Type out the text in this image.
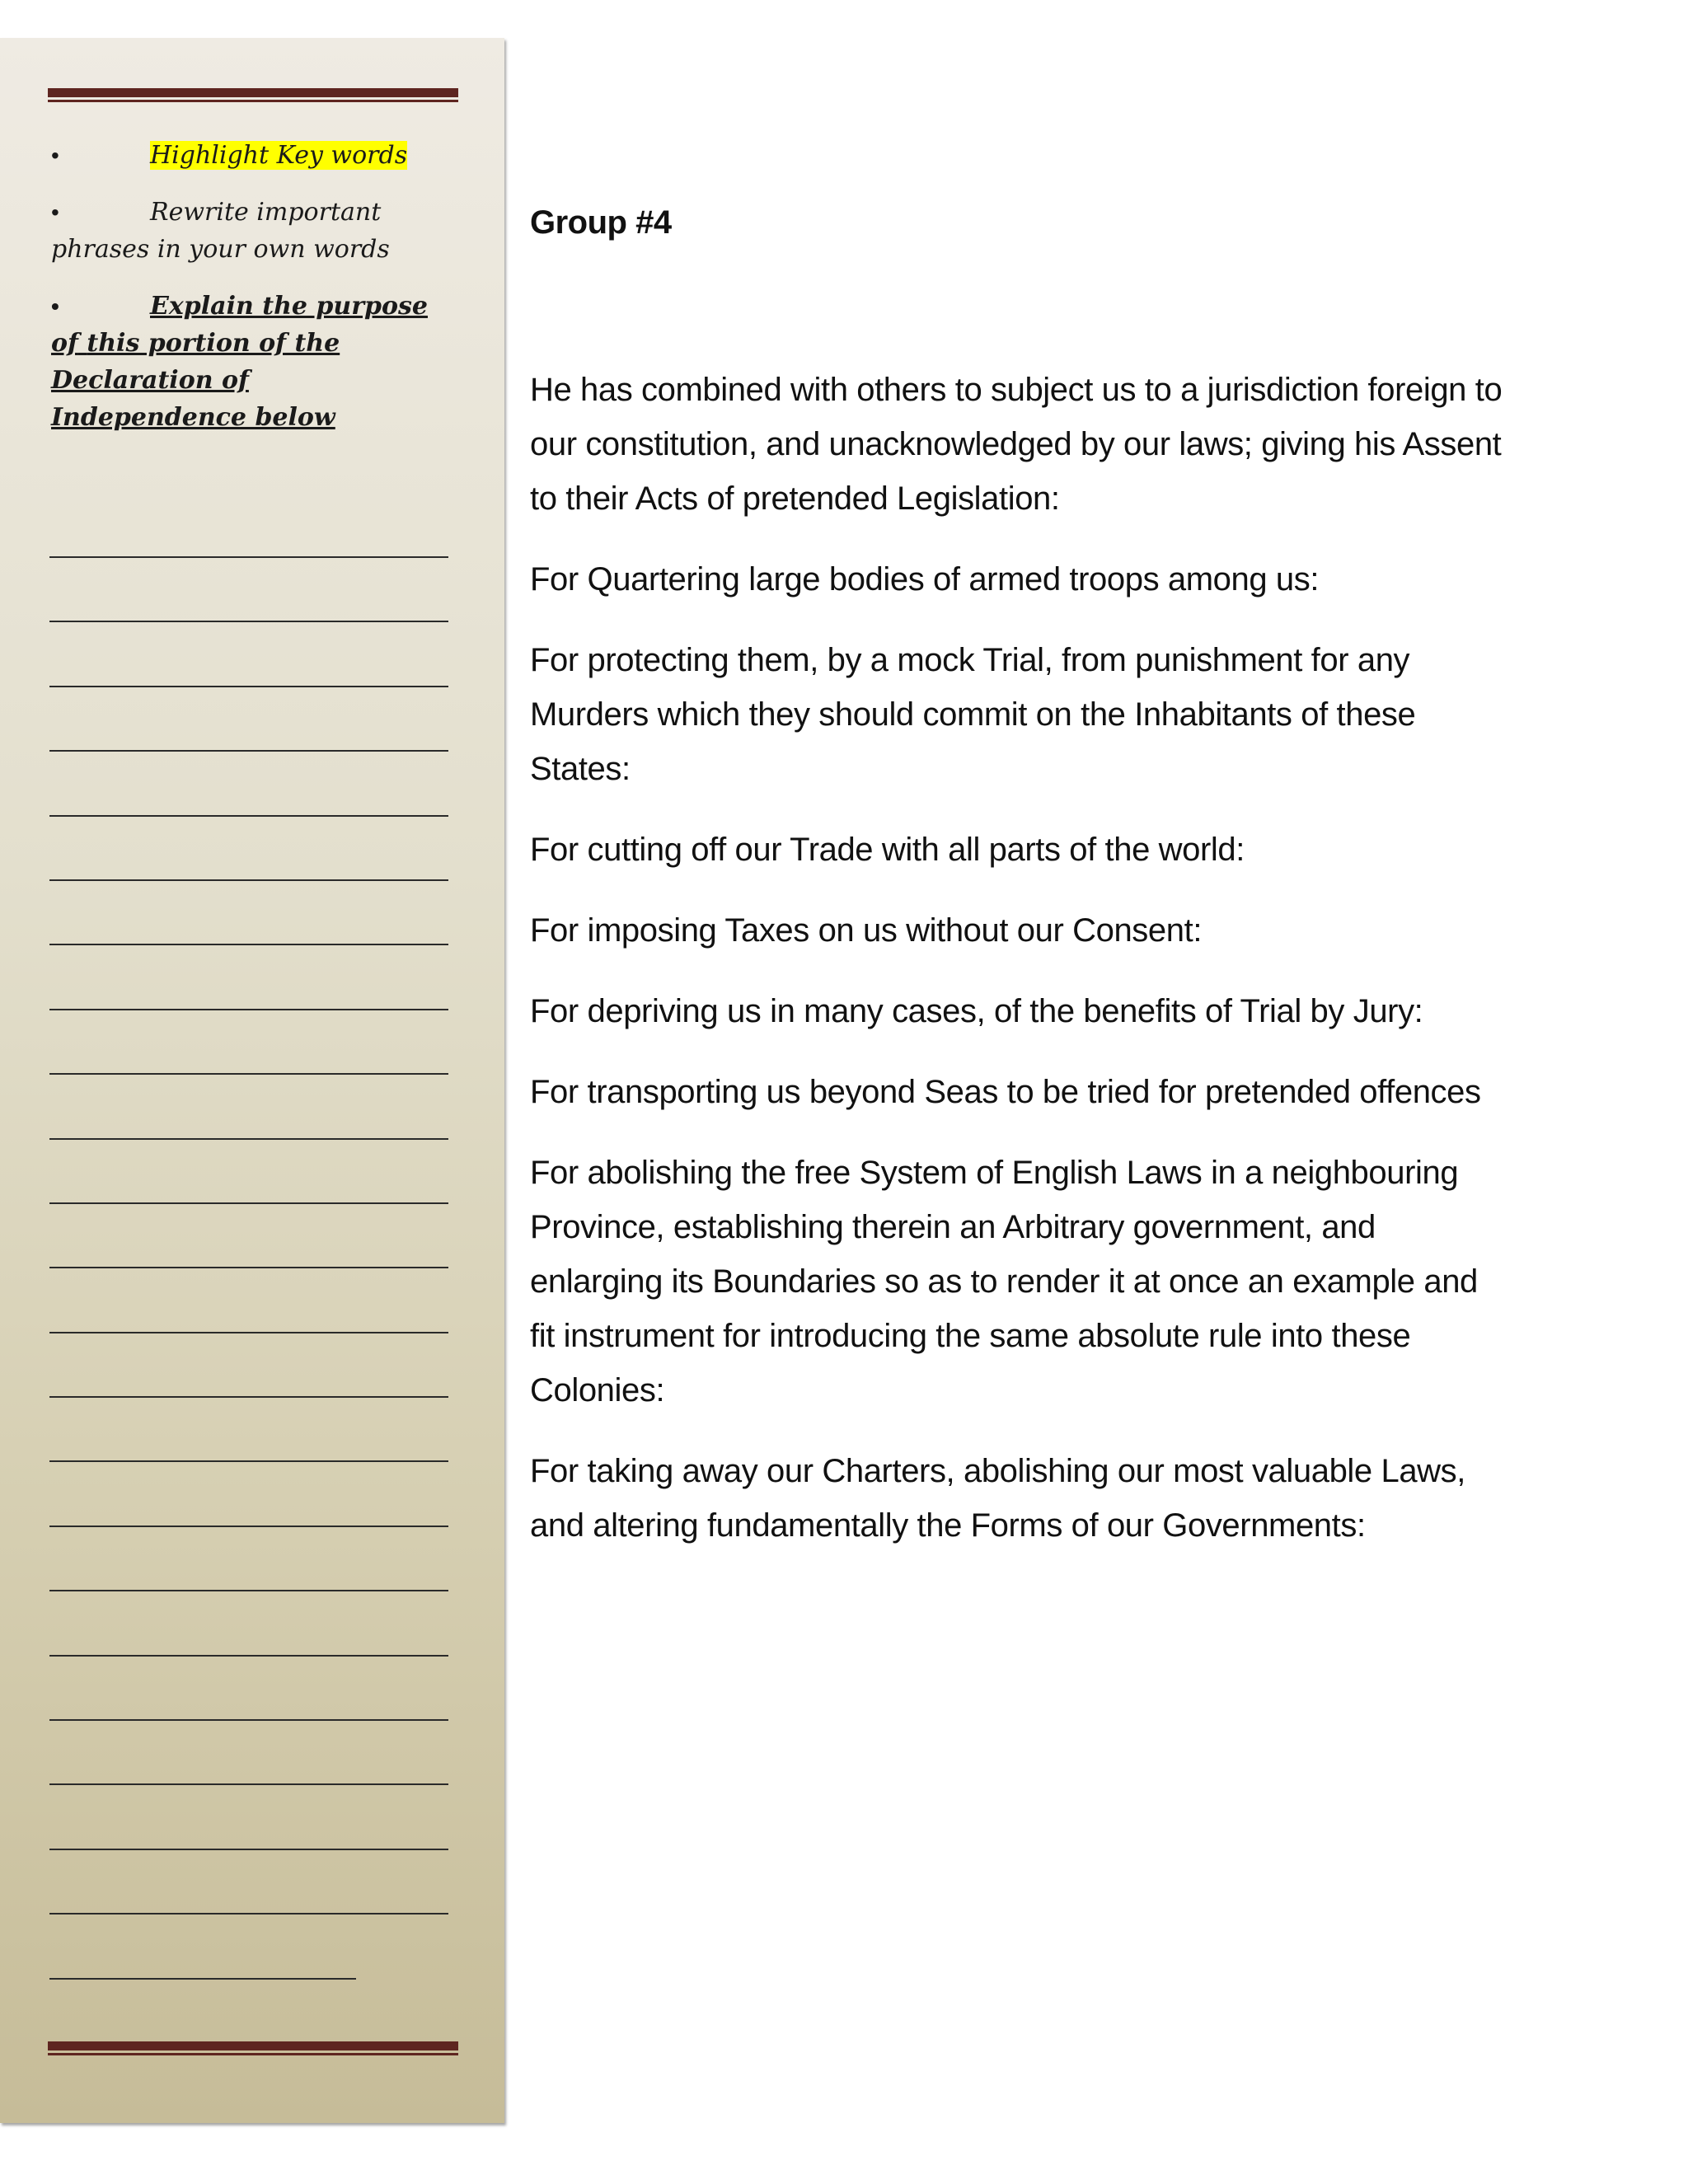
•	Highlight Key words
•	Rewrite important phrases in your own words
•	Explain the purpose of this portion of the Declaration of Independence below
Group #4

He has combined with others to subject us to a jurisdiction foreign to our constitution, and unacknowledged by our laws; giving his Assent to their Acts of pretended Legislation:

For Quartering large bodies of armed troops among us:

For protecting them, by a mock Trial, from punishment for any Murders which they should commit on the Inhabitants of these States:

For cutting off our Trade with all parts of the world:

For imposing Taxes on us without our Consent:

For depriving us in many cases, of the benefits of Trial by Jury:

For transporting us beyond Seas to be tried for pretended offences

For abolishing the free System of English Laws in a neighbouring Province, establishing therein an Arbitrary government, and enlarging its Boundaries so as to render it at once an example and fit instrument for introducing the same absolute rule into these Colonies:

For taking away our Charters, abolishing our most valuable Laws, and altering fundamentally the Forms of our Governments:
